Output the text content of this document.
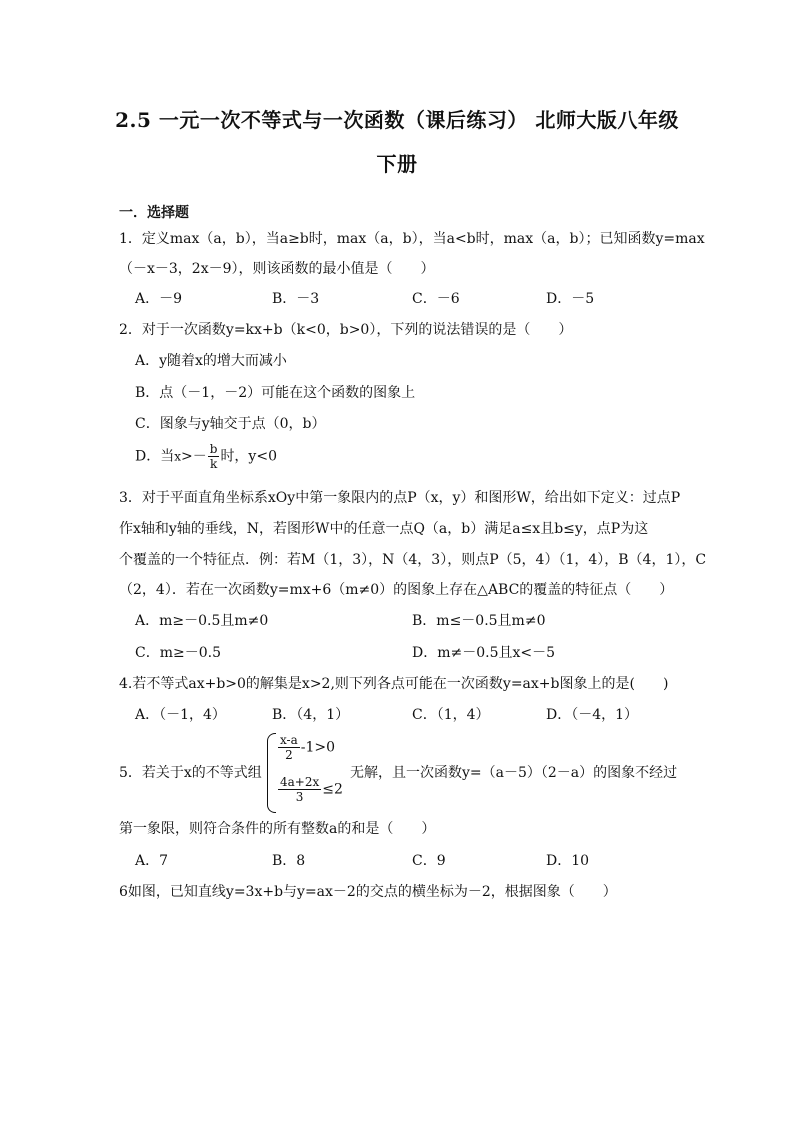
2.5 一元一次不等式与一次函数（课后练习） 北师大版八年级
下册
一．选择题
1．定义max（a，b），当a≥b时，max（a，b），当a<b时，max（a，b）；已知函数y=max
（－x－3，2x－9），则该函数的最小值是（　　）
A．－9	B．－3	C．－6	D．－5
2．对于一次函数y=kx+b（k<0，b>0），下列的说法错误的是（　　）
A．y随着x的增大而减小
B．点（－1，－2）可能在这个函数的图象上
C．图象与y轴交于点（0，b）
D．当$x>- \frac{b}{k}$ 时，y<0
3．对于平面直角坐标系xOy中第一象限内的点P（x，y）和图形W，给出如下定义：过点P
作x轴和y轴的垂线，N，若图形W中的任意一点Q（a，b）满足a≤x且b≤y，点P为这
个覆盖的一个特征点．例：若M（1，3），N（4，3），则点P（5，4）（1，4），B（4，1），C
（2，4）．若在一次函数y=mx+6（m≠0）的图象上存在△ABC的覆盖的特征点（　　）
A．m≥－0.5且m≠0	B．m≤－0.5且m≠0
C．m≥－0.5	D．m≠－0.5且x<－5
4.若不等式ax+b>0的解集是x>2,则下列各点可能在一次函数y=ax+b图象上的是(　　)
A．（－1，4）	B．（4，1）	C．（1，4）	D．（－4，1）
5．若关于x的不等式组
$\frac{x-a}{2} -1>0$
$\frac{4a+2x}{3} \le 2$
无解，且一次函数y=（a－5）（2－a）的图象不经过
第一象限，则符合条件的所有整数a的和是（　　）
A．7	B．8	C．9	D．10
6如图，已知直线y=3x+b与y=ax－2的交点的横坐标为－2，根据图象（　　）
